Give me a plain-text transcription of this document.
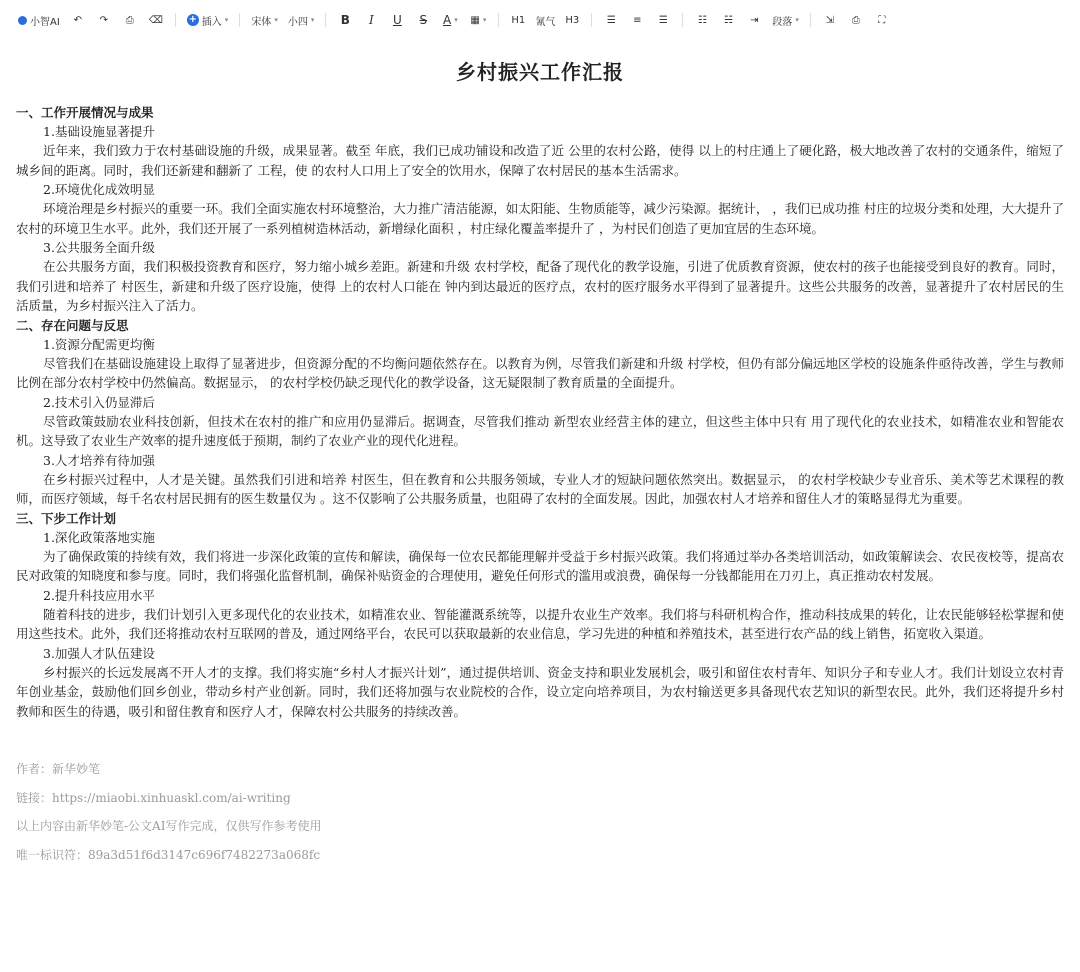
小智AI	↶	↷	⎙	⌫	+ 插入 ▾ 宋体 ▾ 小四 ▾	B	I	U	S	A ▾ ▦ ▾	H1	氰气	H3	☰	≡	☰	☷	☵	⇥	段落 ▾	⇲	⎙	⛶
乡村振兴工作汇报

一、工作开展情况与成果

1.基础设施显著提升

近年来，我们致力于农村基础设施的升级，成果显著。截至 年底，我们已成功铺设和改造了近 公里的农村公路，使得 以上的村庄通上了硬化路，极大地改善了农村的交通条件，缩短了城乡间的距离。同时，我们还新建和翻新了 工程，使 的农村人口用上了安全的饮用水，保障了农村居民的基本生活需求。

2.环境优化成效明显

环境治理是乡村振兴的重要一环。我们全面实施农村环境整治，大力推广清洁能源，如太阳能、生物质能等，减少污染源。据统计， ，我们已成功推 村庄的垃圾分类和处理，大大提升了农村的环境卫生水平。此外，我们还开展了一系列植树造林活动，新增绿化面积 ，村庄绿化覆盖率提升了 ，为村民们创造了更加宜居的生态环境。

3.公共服务全面升级

在公共服务方面，我们积极投资教育和医疗，努力缩小城乡差距。新建和升级 农村学校，配备了现代化的教学设施，引进了优质教育资源，使农村的孩子也能接受到良好的教育。同时，我们引进和培养了 村医生，新建和升级了医疗设施，使得 上的农村人口能在 钟内到达最近的医疗点，农村的医疗服务水平得到了显著提升。这些公共服务的改善，显著提升了农村居民的生活质量，为乡村振兴注入了活力。

二、存在问题与反思

1.资源分配需更均衡

尽管我们在基础设施建设上取得了显著进步，但资源分配的不均衡问题依然存在。以教育为例，尽管我们新建和升级 村学校，但仍有部分偏远地区学校的设施条件亟待改善，学生与教师比例在部分农村学校中仍然偏高。数据显示， 的农村学校仍缺乏现代化的教学设备，这无疑限制了教育质量的全面提升。

2.技术引入仍显滞后

尽管政策鼓励农业科技创新，但技术在农村的推广和应用仍显滞后。据调查，尽管我们推动 新型农业经营主体的建立，但这些主体中只有 用了现代化的农业技术，如精准农业和智能农机。这导致了农业生产效率的提升速度低于预期，制约了农业产业的现代化进程。

3.人才培养有待加强

在乡村振兴过程中，人才是关键。虽然我们引进和培养 村医生，但在教育和公共服务领域，专业人才的短缺问题依然突出。数据显示， 的农村学校缺少专业音乐、美术等艺术课程的教师，而医疗领域，每千名农村居民拥有的医生数量仅为 。这不仅影响了公共服务质量，也阻碍了农村的全面发展。因此，加强农村人才培养和留住人才的策略显得尤为重要。

三、下步工作计划

1.深化政策落地实施

为了确保政策的持续有效，我们将进一步深化政策的宣传和解读，确保每一位农民都能理解并受益于乡村振兴政策。我们将通过举办各类培训活动，如政策解读会、农民夜校等，提高农民对政策的知晓度和参与度。同时，我们将强化监督机制，确保补贴资金的合理使用，避免任何形式的滥用或浪费，确保每一分钱都能用在刀刃上，真正推动农村发展。

2.提升科技应用水平

随着科技的进步，我们计划引入更多现代化的农业技术，如精准农业、智能灌溉系统等，以提升农业生产效率。我们将与科研机构合作，推动科技成果的转化，让农民能够轻松掌握和使用这些技术。此外，我们还将推动农村互联网的普及，通过网络平台，农民可以获取最新的农业信息，学习先进的种植和养殖技术，甚至进行农产品的线上销售，拓宽收入渠道。

3.加强人才队伍建设

乡村振兴的长远发展离不开人才的支撑。我们将实施“乡村人才振兴计划”，通过提供培训、资金支持和职业发展机会，吸引和留住农村青年、知识分子和专业人才。我们计划设立农村青年创业基金，鼓励他们回乡创业，带动乡村产业创新。同时，我们还将加强与农业院校的合作，设立定向培养项目，为农村输送更多具备现代农艺知识的新型农民。此外，我们还将提升乡村教师和医生的待遇，吸引和留住教育和医疗人才，保障农村公共服务的持续改善。

作者：新华妙笔
链接：https://miaobi.xinhuaskl.com/ai-writing
以上内容由新华妙笔-公文AI写作完成，仅供写作参考使用
唯一标识符：89a3d51f6d3147c696f7482273a068fc
